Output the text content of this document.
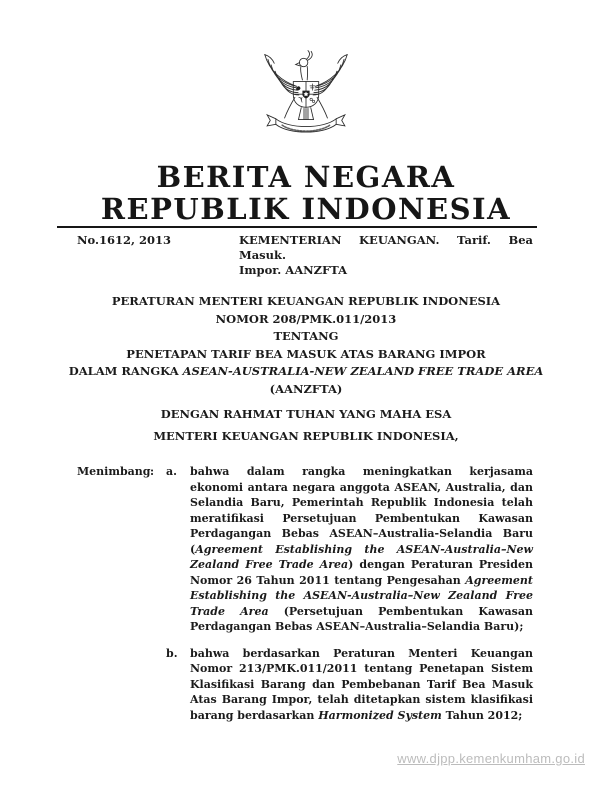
BERITA NEGARA
REPUBLIK INDONESIA
No.1612, 2013	KEMENTERIAN KEUANGAN. Tarif. Bea Masuk.
Impor. AANZFTA
PERATURAN MENTERI KEUANGAN REPUBLIK INDONESIA
NOMOR 208/PMK.011/2013
TENTANG
PENETAPAN TARIF BEA MASUK ATAS BARANG IMPOR
DALAM RANGKA ASEAN-AUSTRALIA-NEW ZEALAND FREE TRADE AREA
(AANZFTA)
DENGAN RAHMAT TUHAN YANG MAHA ESA
MENTERI KEUANGAN REPUBLIK INDONESIA,
Menimbang : a.	bahwa dalam rangka meningkatkan kerjasama ekonomi antara negara anggota ASEAN, Australia, dan Selandia Baru, Pemerintah Republik Indonesia telah meratifikasi Persetujuan Pembentukan Kawasan Perdagangan Bebas ASEAN–Australia-Selandia Baru (Agreement Establishing the ASEAN-Australia–New Zealand Free Trade Area) dengan Peraturan Presiden Nomor 26 Tahun 2011 tentang Pengesahan Agreement Establishing the ASEAN-Australia–New Zealand Free Trade Area (Persetujuan Pembentukan Kawasan Perdagangan Bebas ASEAN–Australia–Selandia Baru);
b.	bahwa berdasarkan Peraturan Menteri Keuangan Nomor 213/PMK.011/2011 tentang Penetapan Sistem Klasifikasi Barang dan Pembebanan Tarif Bea Masuk Atas Barang Impor, telah ditetapkan sistem klasifikasi barang berdasarkan Harmonized System Tahun 2012;
www.djpp.kemenkumham.go.id
